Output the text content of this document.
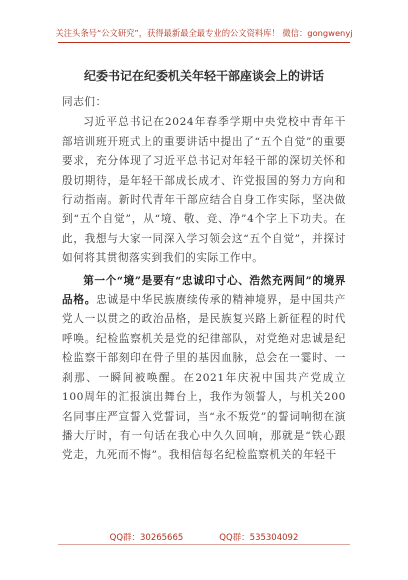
关注头条号“公文研究”，获得最新最全最专业的公文资料库！ 微信：gongwenyj
纪委书记在纪委机关年轻干部座谈会上的讲话

同志们：

习近平总书记在2024年春季学期中央党校中青年干部培训班开班式上的重要讲话中提出了“五个自觉”的重要要求，充分体现了习近平总书记对年轻干部的深切关怀和殷切期待，是年轻干部成长成才、许党报国的努力方向和行动指南。新时代青年干部应结合自身工作实际，坚决做到“五个自觉”，从“境、敬、竞、净”4个字上下功夫。在此，我想与大家一同深入学习领会这“五个自觉”，并探讨如何将其贯彻落实到我们的实际工作中。

第一个“境”是要有“忠诚印寸心、浩然充两间”的境界品格。忠诚是中华民族赓续传承的精神境界，是中国共产党人一以贯之的政治品格，是民族复兴路上新征程的时代呼唤。纪检监察机关是党的纪律部队，对党绝对忠诚是纪检监察干部刻印在骨子里的基因血脉，总会在一霎时、一刹那、一瞬间被唤醒。在2021年庆祝中国共产党成立100周年的汇报演出舞台上，我作为领誓人，与机关200名同事庄严宣誓入党誓词，当“永不叛党”的誓词响彻在演播大厅时，有一句话在我心中久久回响，那就是“铁心跟党走，九死而不悔”。我相信每名纪检监察机关的年轻干

QQ群：30265665	QQ群：535304092
